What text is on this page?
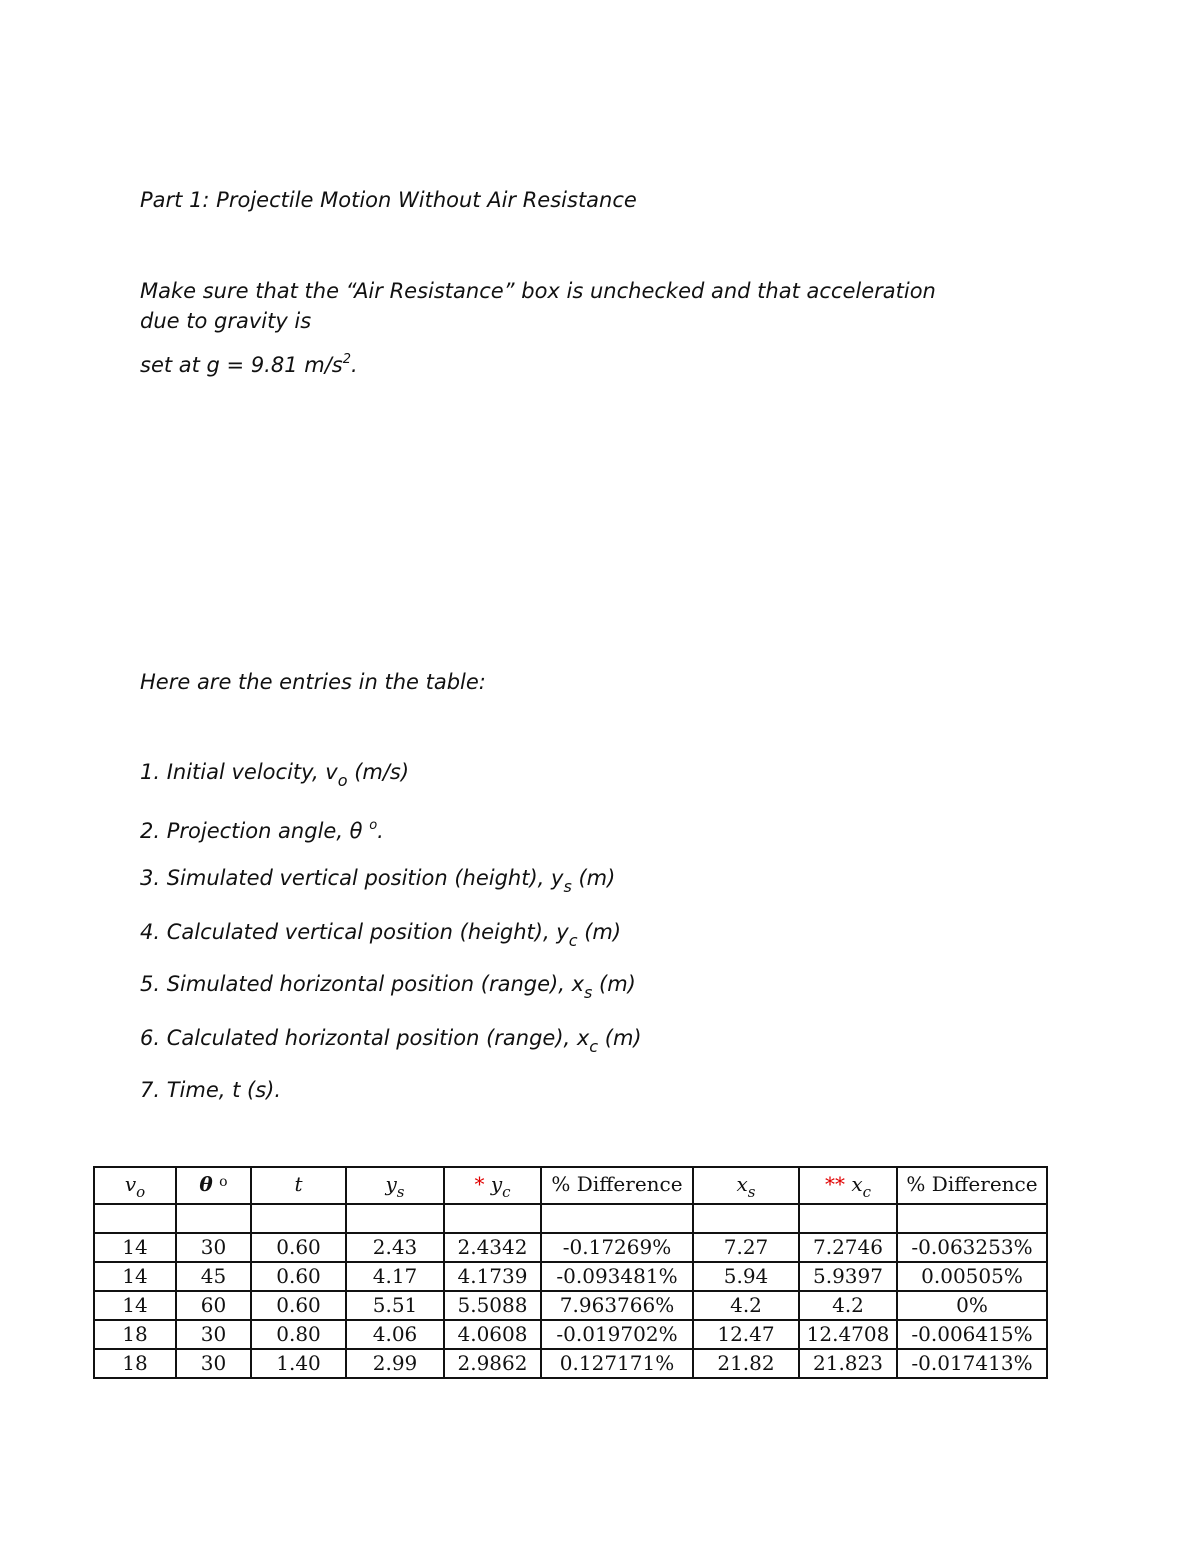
Part 1: Projectile Motion Without Air Resistance

Make sure that the “Air Resistance” box is unchecked and that acceleration

due to gravity is

set at g = 9.81 $m/s^2$.

Here are the entries in the table:

1. Initial velocity, $v_o$ (m/s)

2. Projection angle, θ $^o$.

3. Simulated vertical position (height), $y_s$ (m)

4. Calculated vertical position (height), $y_c$ (m)

5. Simulated horizontal position (range), $x_s$ (m)

6. Calculated horizontal position (range), $x_c$ (m)

7. Time, t (s).

$v_o$	θ $^o$	t	$y_s$	* $y_c$	% Difference	$x_s$	** $x_c$	% Difference

14	30	0.60	2.43	2.4342	-0.17269%	7.27	7.2746	-0.063253%
14	45	0.60	4.17	4.1739	-0.093481%	5.94	5.9397	0.00505%
14	60	0.60	5.51	5.5088	7.963766%	4.2	4.2	0%
18	30	0.80	4.06	4.0608	-0.019702%	12.47	12.4708	-0.006415%
18	30	1.40	2.99	2.9862	0.127171%	21.82	21.823	-0.017413%
